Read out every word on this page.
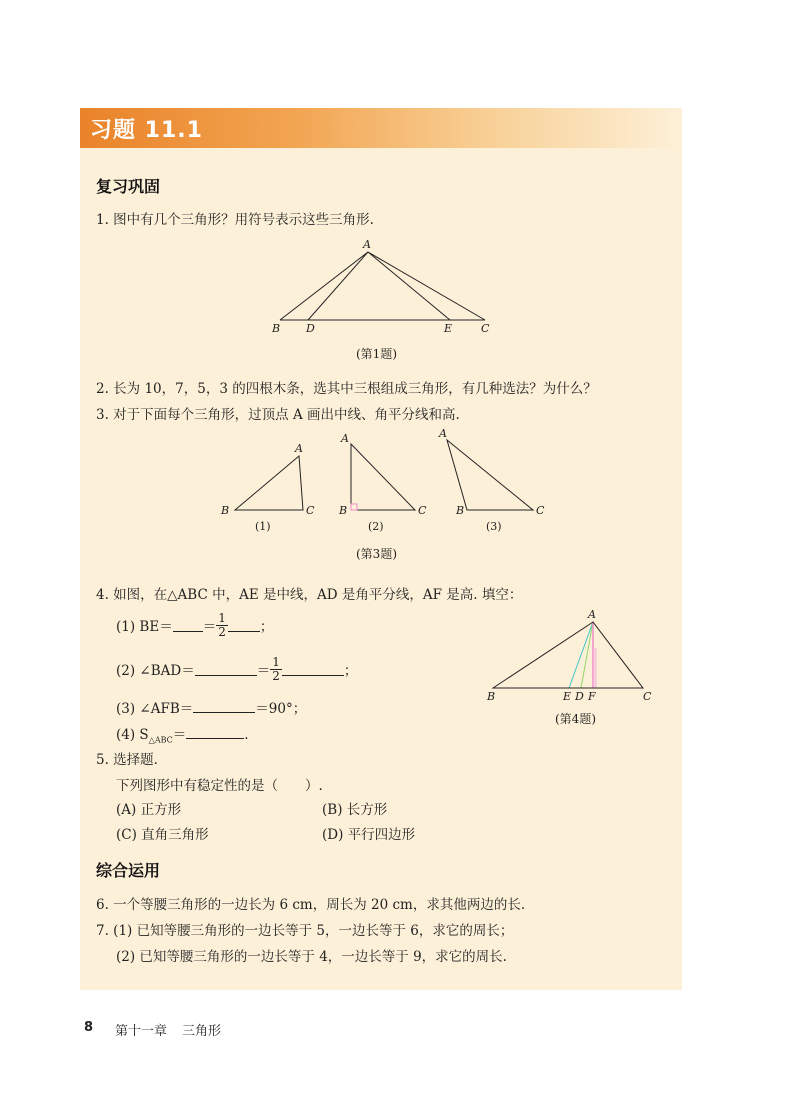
习题 11.1
复习巩固
1. 图中有几个三角形？用符号表示这些三角形.
A
B D	E	C
(第1题)
2. 长为 10，7，5，3 的四根木条，选其中三根组成三角形，有几种选法？为什么？
3. 对于下面每个三角形，过顶点 A 画出中线、角平分线和高.
A
B	C
A
B	C
A
B	C
(1)	(2)	(3)
(第3题)
4. 如图，在△ABC 中，AE 是中线，AD 是角平分线，AF 是高. 填空：
(1) $BE= = \frac{1}{2}$ ；
(2) ∠BAD＝	＝ $\frac{1}{2}$	；
(3) ∠AFB＝	＝90°；
(4) $S_{\triangle ABC}=$	.
A
B	E D F	C
(第4题)
5. 选择题.
下列图形中有稳定性的是（　　）.
(A) 正方形	(B) 长方形
(C) 直角三角形	(D) 平行四边形
综合运用
6. 一个等腰三角形的一边长为 6 cm，周长为 20 cm，求其他两边的长.
7. (1) 已知等腰三角形的一边长等于 5，一边长等于 6，求它的周长；
(2) 已知等腰三角形的一边长等于 4，一边长等于 9，求它的周长.
8 第十一章 三角形
